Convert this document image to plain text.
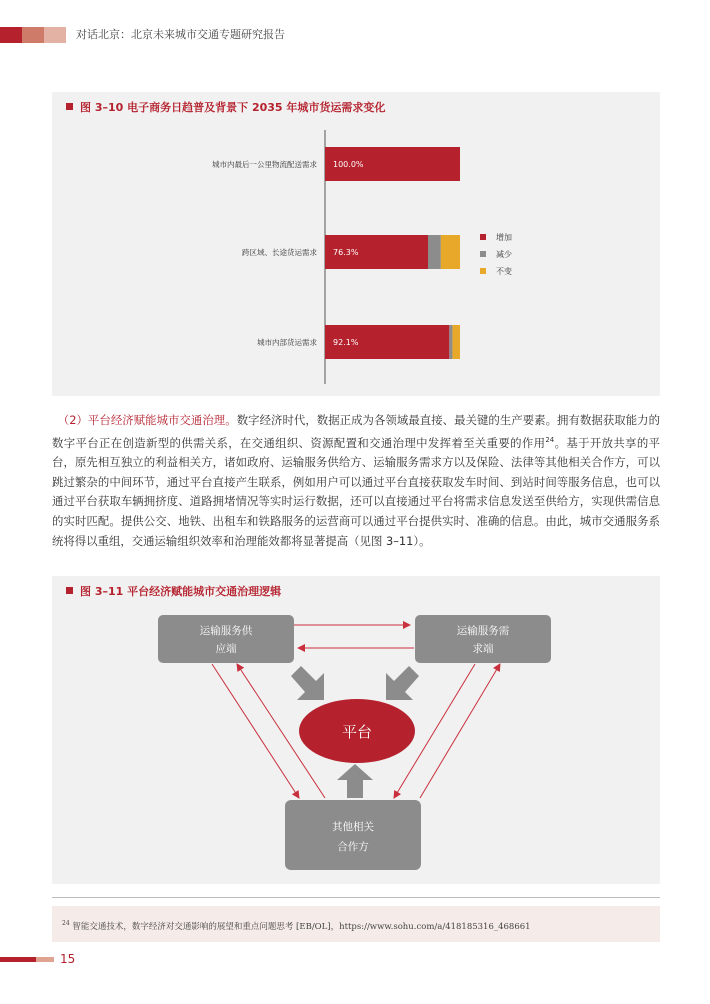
对话北京：北京未来城市交通专题研究报告
图 3–10 电子商务日趋普及背景下 2035 年城市货运需求变化
城市内最后一公里物流配送需求
跨区域、长途货运需求
城市内部货运需求
100.0%
76.3%
92.1%
增加
减少
不变
　（2）平台经济赋能城市交通治理。数字经济时代，数据正成为各领域最直接、最关键的生产要素。拥有数据获取能力的数字平台正在创造新型的供需关系，在交通组织、资源配置和交通治理中发挥着至关重要的作用$^{24}$。基于开放共享的平台，原先相互独立的利益相关方，诸如政府、运输服务供给方、运输服务需求方以及保险、法律等其他相关合作方，可以跳过繁杂的中间环节，通过平台直接产生联系，例如用户可以通过平台直接获取发车时间、到站时间等服务信息，也可以通过平台获取车辆拥挤度、道路拥堵情况等实时运行数据，还可以直接通过平台将需求信息发送至供给方，实现供需信息的实时匹配。提供公交、地铁、出租车和铁路服务的运营商可以通过平台提供实时、准确的信息。由此，城市交通服务系统将得以重组，交通运输组织效率和治理能效都将显著提高（见图 3–11）。
图 3–11 平台经济赋能城市交通治理逻辑
运输服务供
应端
运输服务需
求端
平台
其他相关
合作方
$^{24}$ 智能交通技术，数字经济对交通影响的展望和重点问题思考 [EB/OL]，https://www.sohu.com/a/418185316_468661
15
